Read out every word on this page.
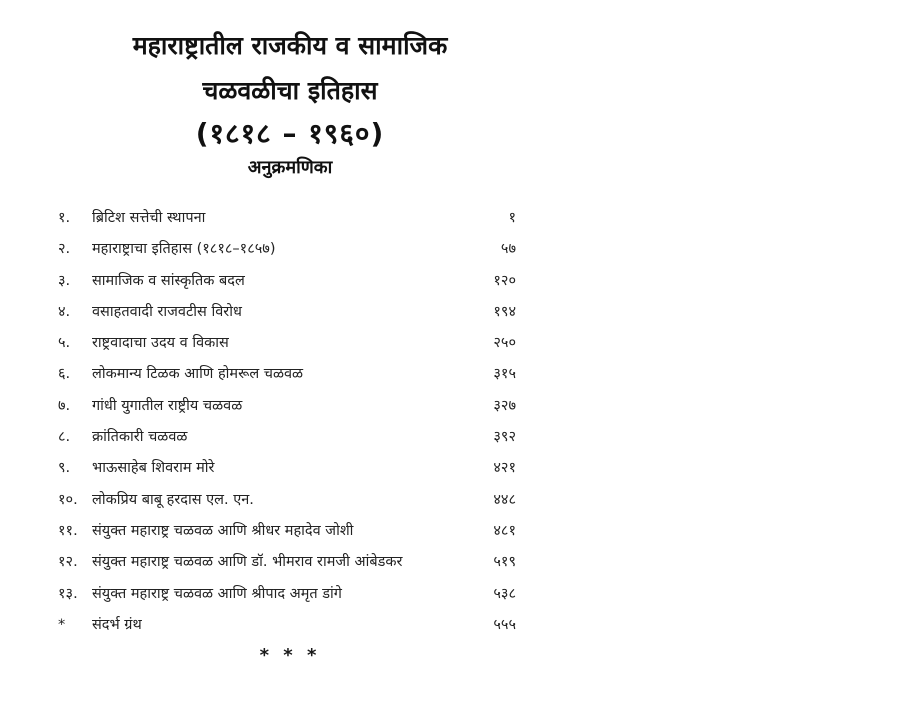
महाराष्ट्रातील राजकीय व सामाजिक
चळवळीचा इतिहास
(१८१८ – १९६०)
अनुक्रमणिका
१.	ब्रिटिश सत्तेची स्थापना	१
२.	महाराष्ट्राचा इतिहास (१८१८–१८५७)	५७
३.	सामाजिक व सांस्कृतिक बदल	१२०
४.	वसाहतवादी राजवटीस विरोध	१९४
५.	राष्ट्रवादाचा उदय व विकास	२५०
६.	लोकमान्य टिळक आणि होमरूल चळवळ	३१५
७.	गांधी युगातील राष्ट्रीय चळवळ	३२७
८.	क्रांतिकारी चळवळ	३९२
९.	भाऊसाहेब शिवराम मोरे	४२१
१०. लोकप्रिय बाबू हरदास एल. एन.	४४८
११. संयुक्त महाराष्ट्र चळवळ आणि श्रीधर महादेव जोशी	४८१
१२. संयुक्त महाराष्ट्र चळवळ आणि डॉ. भीमराव रामजी आंबेडकर	५१९
१३. संयुक्त महाराष्ट्र चळवळ आणि श्रीपाद अमृत डांगे	५३८
*	संदर्भ ग्रंथ	५५५
* * *
